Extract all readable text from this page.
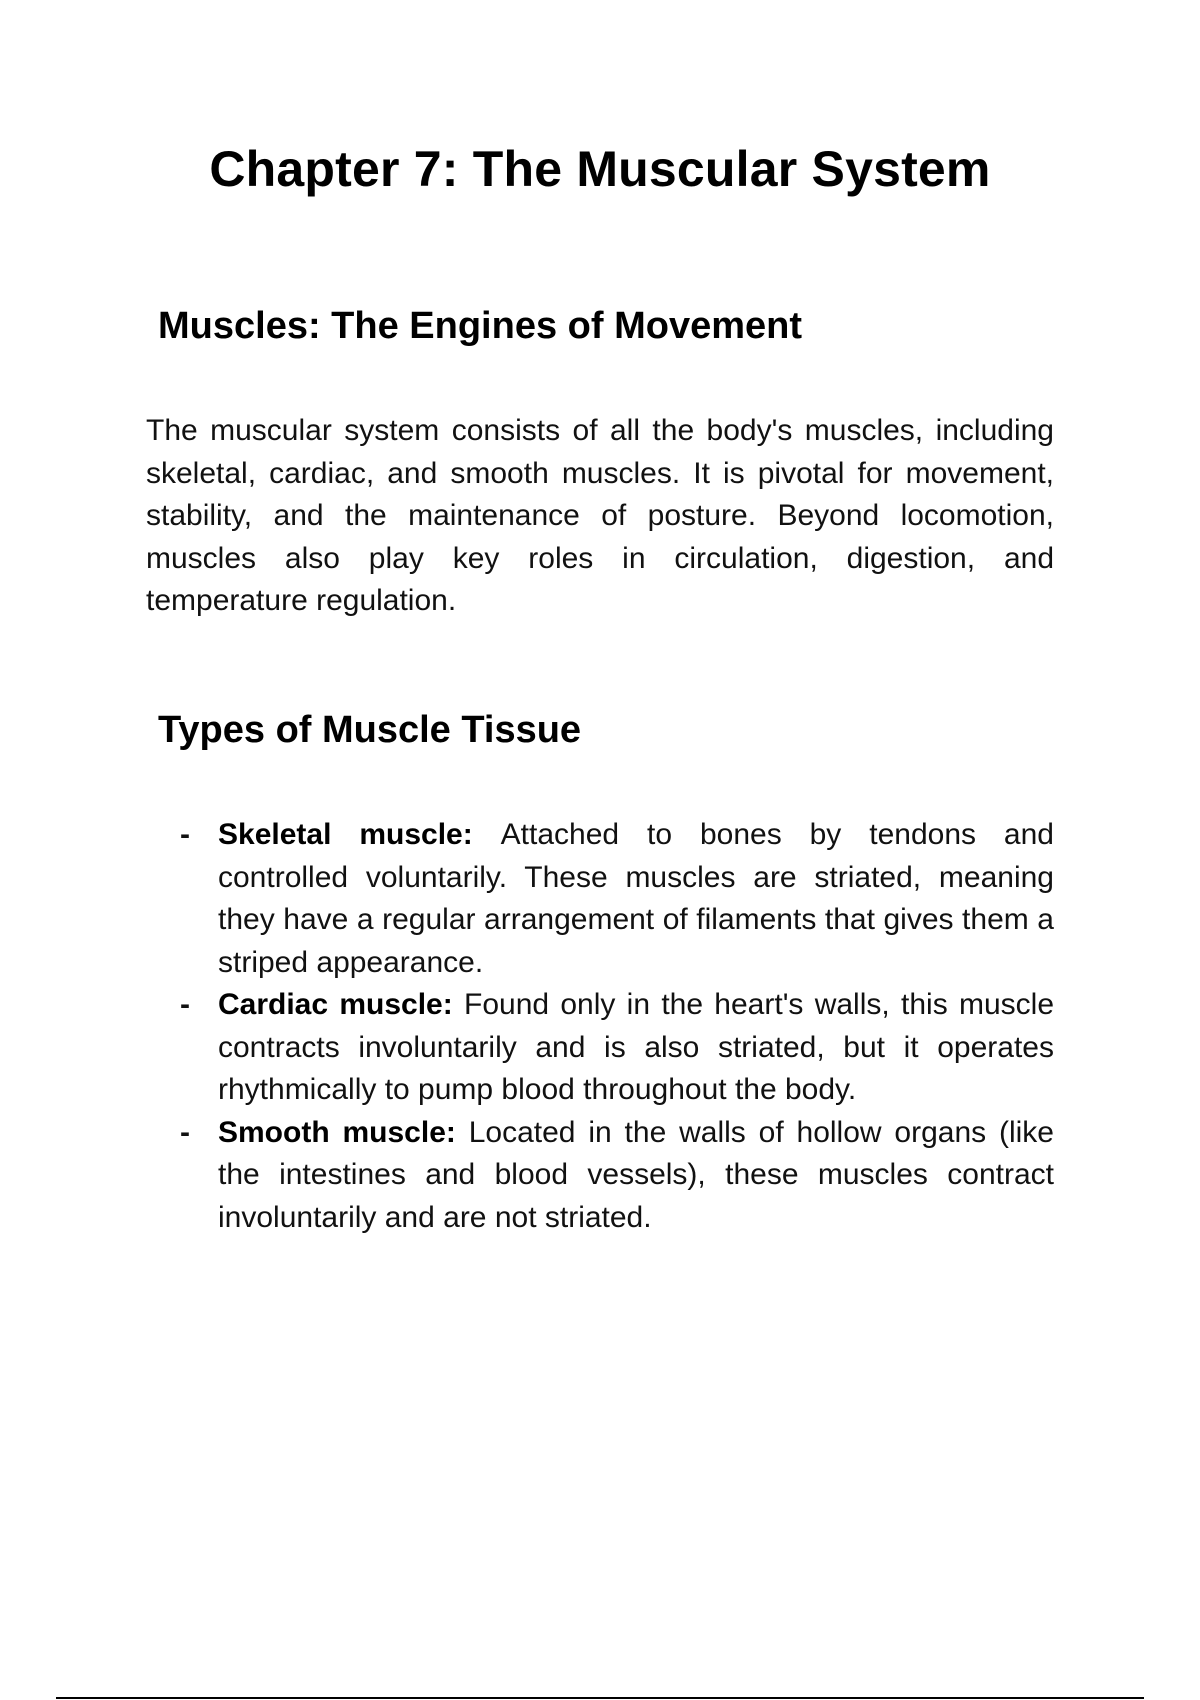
Chapter 7: The Muscular System
Muscles: The Engines of Movement

The muscular system consists of all the body's muscles, including skeletal, cardiac, and smooth muscles. It is pivotal for movement, stability, and the maintenance of posture. Beyond locomotion, muscles also play key roles in circulation, digestion, and temperature regulation.

Types of Muscle Tissue
- Skeletal muscle: Attached to bones by tendons and controlled voluntarily. These muscles are striated, meaning they have a regular arrangement of filaments that gives them a striped appearance.
- Cardiac muscle: Found only in the heart's walls, this muscle contracts involuntarily and is also striated, but it operates rhythmically to pump blood throughout the body.
- Smooth muscle: Located in the walls of hollow organs (like the intestines and blood vessels), these muscles contract involuntarily and are not striated.
